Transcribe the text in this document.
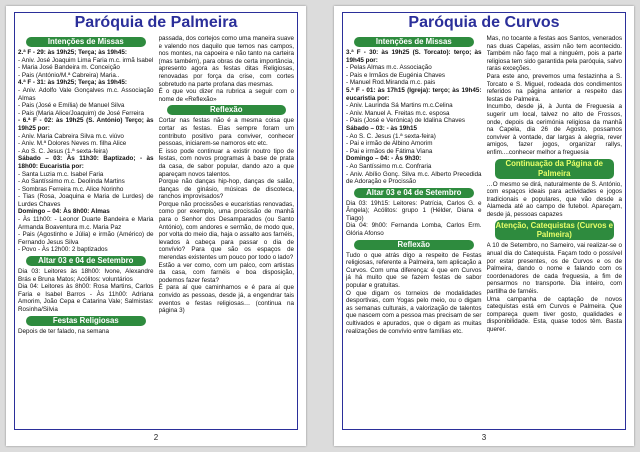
Paróquia de Palmeira
Intenções de Missas
2.ª F - 29: às 19h25; Terça; às 19h45:
- Aniv. José Joaquim Lima Faria m.c. irmã Isabel
- Maria José Bandeira m. Conceição
- Pais (António/M.ª Cabreira) Maria..
4.ª F - 31: às 19h25; Terça; às 19h45:
- Aniv. Adolfo Vale Gonçalves m.c. Associação Almas
- Pais (José e Emília) de Manuel Silva
- Pais (Maria Alice/Joaquim) de José Ferreira
- 6.ª F - 02: às 19h25 (S. António) Terço; às 19h25 por:
- Aniv. Maria Cabreira Silva m.c. viúvo
- Aniv. M.ª Dolores Neves m. filha Alice
- Ao S. C. Jesus (1.ª sexta-feira)
Sábado – 03: Às 11h30: Baptizado; - às 18h00: Eucaristia por:
- Santa Luzia m.c. Isabel Faria
- Ao Santíssimo m.c. Deolinda Martins
- Sombras Ferreira m.c. Alice Norinho
- Tias (Rosa, Joaquina e Maria de Lurdes) de Lurdes Chaves
Domingo – 04: Às 8h00: Almas
- Às 11h00: - Leonor Duarte Bandeira e Maria Armanda Boaventura m.c. Maria Paz
- Pais (Agostinho e Júlia) e irmão (Américo) de Fernando Jesus Silva
- Povo - Às 12h00: 2 baptizados
Altar 03 e 04 de Setembro
Dia 03: Leitores às 18h00: Ivone, Alexandre Brás e Bruna Matos; Acólitos: voluntários
Dia 04: Leitores às 8h00: Rosa Martins, Carlos Faria e Isabel Barros - Às 11h00: Adriana Amorim, João Cepa e Catarina Vale; Salmistas: Rosinha/Silvia
Festas Religiosas
Depois de ter falado, na semana
passada, dos cortejos como uma maneira suave e valendo nos daquilo que temos nas campos, nos montes, na capoeira e não tanto na carteira (mas também), para obras de certa importância, apresento agora as festas ditas Religiosas, renovadas por força da crise, com cortes sobretudo na parte profana das mesmas.
É o que vou dizer na rubrica a seguir com o nome de «Reflexão»
Reflexão
Cortar nas festas não é a mesma coisa que cortar as festas. Elas sempre foram um contributo positivo para conviver, conhecer pessoas, iniciarem-se namoros etc etc.
E isso pode continuar a existir noutro tipo de festas, com novos programas à base de prata da casa, de sabor popular, dando azo a que apareçam novos talentos.
Porque não danças hip-hop, danças de salão, danças de ginásio, músicas de discoteca, ranchos improvisados?
Porque não procissões e eucaristias renovadas, como por exemplo, uma procissão de manhã para o Senhor dos Desamparados (ou Santo António), com andores e sermão, de modo que, por volta do meio dia, haja o assalto aos farnéis, levados à cabeça para passar o dia de convívio? Para que são os espaços de merendas existentes um pouco por todo o lado?
Estão a ver como, com um palco, com artistas da casa, com farnéis e boa disposição, podemos fazer festa?
É para aí que caminhamos e é para aí que convido as pessoas, desde já, a engendrar tais eventos e festas religiosas… (continua na página 3)
2
Paróquia de Curvos
Intenções de Missas
3.ª F - 30: às 19h25 (S. Torcato): terço; às 19h45 por:
- Pelas Almas m.c. Associação
- Pais e Irmãos de Eugénia Chaves
- Manuel Rod.Miranda m.c. pais
5.ª F - 01: às 17h15 (Igreja): terço; às 19h45: eucaristia por:
- Aniv. Laurinda Sá Martins m.c.Celina
- Aniv. Manuel A. Freitas m.c. esposa
- Pais (José e Verónica) de Idalina Chaves
Sábado – 03: - às 19h15
- Ao S. C. Jesus (1.ª sexta-feira)
- Pai e irmão de Albino Amorim
- Pai e irmãos de Fátima Viana
Domingo – 04: - Às 9h30:
- Ao Santíssimo m.c. Confraria
- Aniv. Abílio Gonç. Silva m.c. Alberto Precedida de Adoração e Procissão
Altar 03 e 04 de Setembro
Dia 03: 19h15: Leitores: Patrícia, Carlos G. e Ângela); Acólitos: grupo 1 (Hélder, Diana e Tiago)
Dia 04: 9h00: Fernanda Lomba, Carlos Erm. Glória Afonso
Reflexão
Tudo o que atrás digo a respeito de Festas religiosas, referente a Palmeira, tem aplicação a Curvos. Com uma diferença: é que em Curvos já há muito que se fazem festas de sabor popular e gratuitas.
O que digam os torneios de modalidades desportivas, com Yogas pelo meio, ou o digam as semanas culturais, a valorização de talentos que nascem com a pessoa mas precisam de ser cultivados e apurados, que o digam as muitas realizações de convívio entre famílias etc.
Mas, no tocante a festas aos Santos, venerados nas duas Capelas, assim não tem acontecido. Também não faço mal a ninguém, pois a parte religiosa tem sido garantida pela paróquia, salvo raras exceções.
Para este ano, prevemos uma festazinha a S. Torcato e S. Miguel, rodeada dos condimentos referidos na página anterior a respeito das festas de Palmeira.
Incumbo, desde já, à Junta de Freguesia a sugerir um local, talvez no alto de Frossos, onde, depois da cerimónia religiosa da manhã na Capela, dia 26 de Agosto, possamos conviver à vontade, dar largas à alegria, rever amigos, fazer jogos, organizar rallys, enfim....conhecer melhor a freguesia
Continuação da Página de Palmeira
…O mesmo se dirá, naturalmente de S. António, com espaços ideais para actividades e jogos tradicionais e populares, que vão desde a Alameda até ao campo de futebol. Apareçam, desde já, pessoas capazes
Atenção, Catequistas (Curvos e Palmeira)
A 10 de Setembro, no Sameiro, vai realizar-se o anual dia do Catequista. Façam todo o possível por estar presentes, os de Curvos e os de Palmeira, dando o nome e falando com os coordenadores de cada freguesia, a fim de pensarmos no transporte. Dia inteiro, com partilha de farnéis.
Uma campanha de captação de novos catequistas está em Curvos e Palmeira. Que compareça quem tiver gosto, qualidades e disponibilidade. Esta, quase todos têm. Basta querer.
3
